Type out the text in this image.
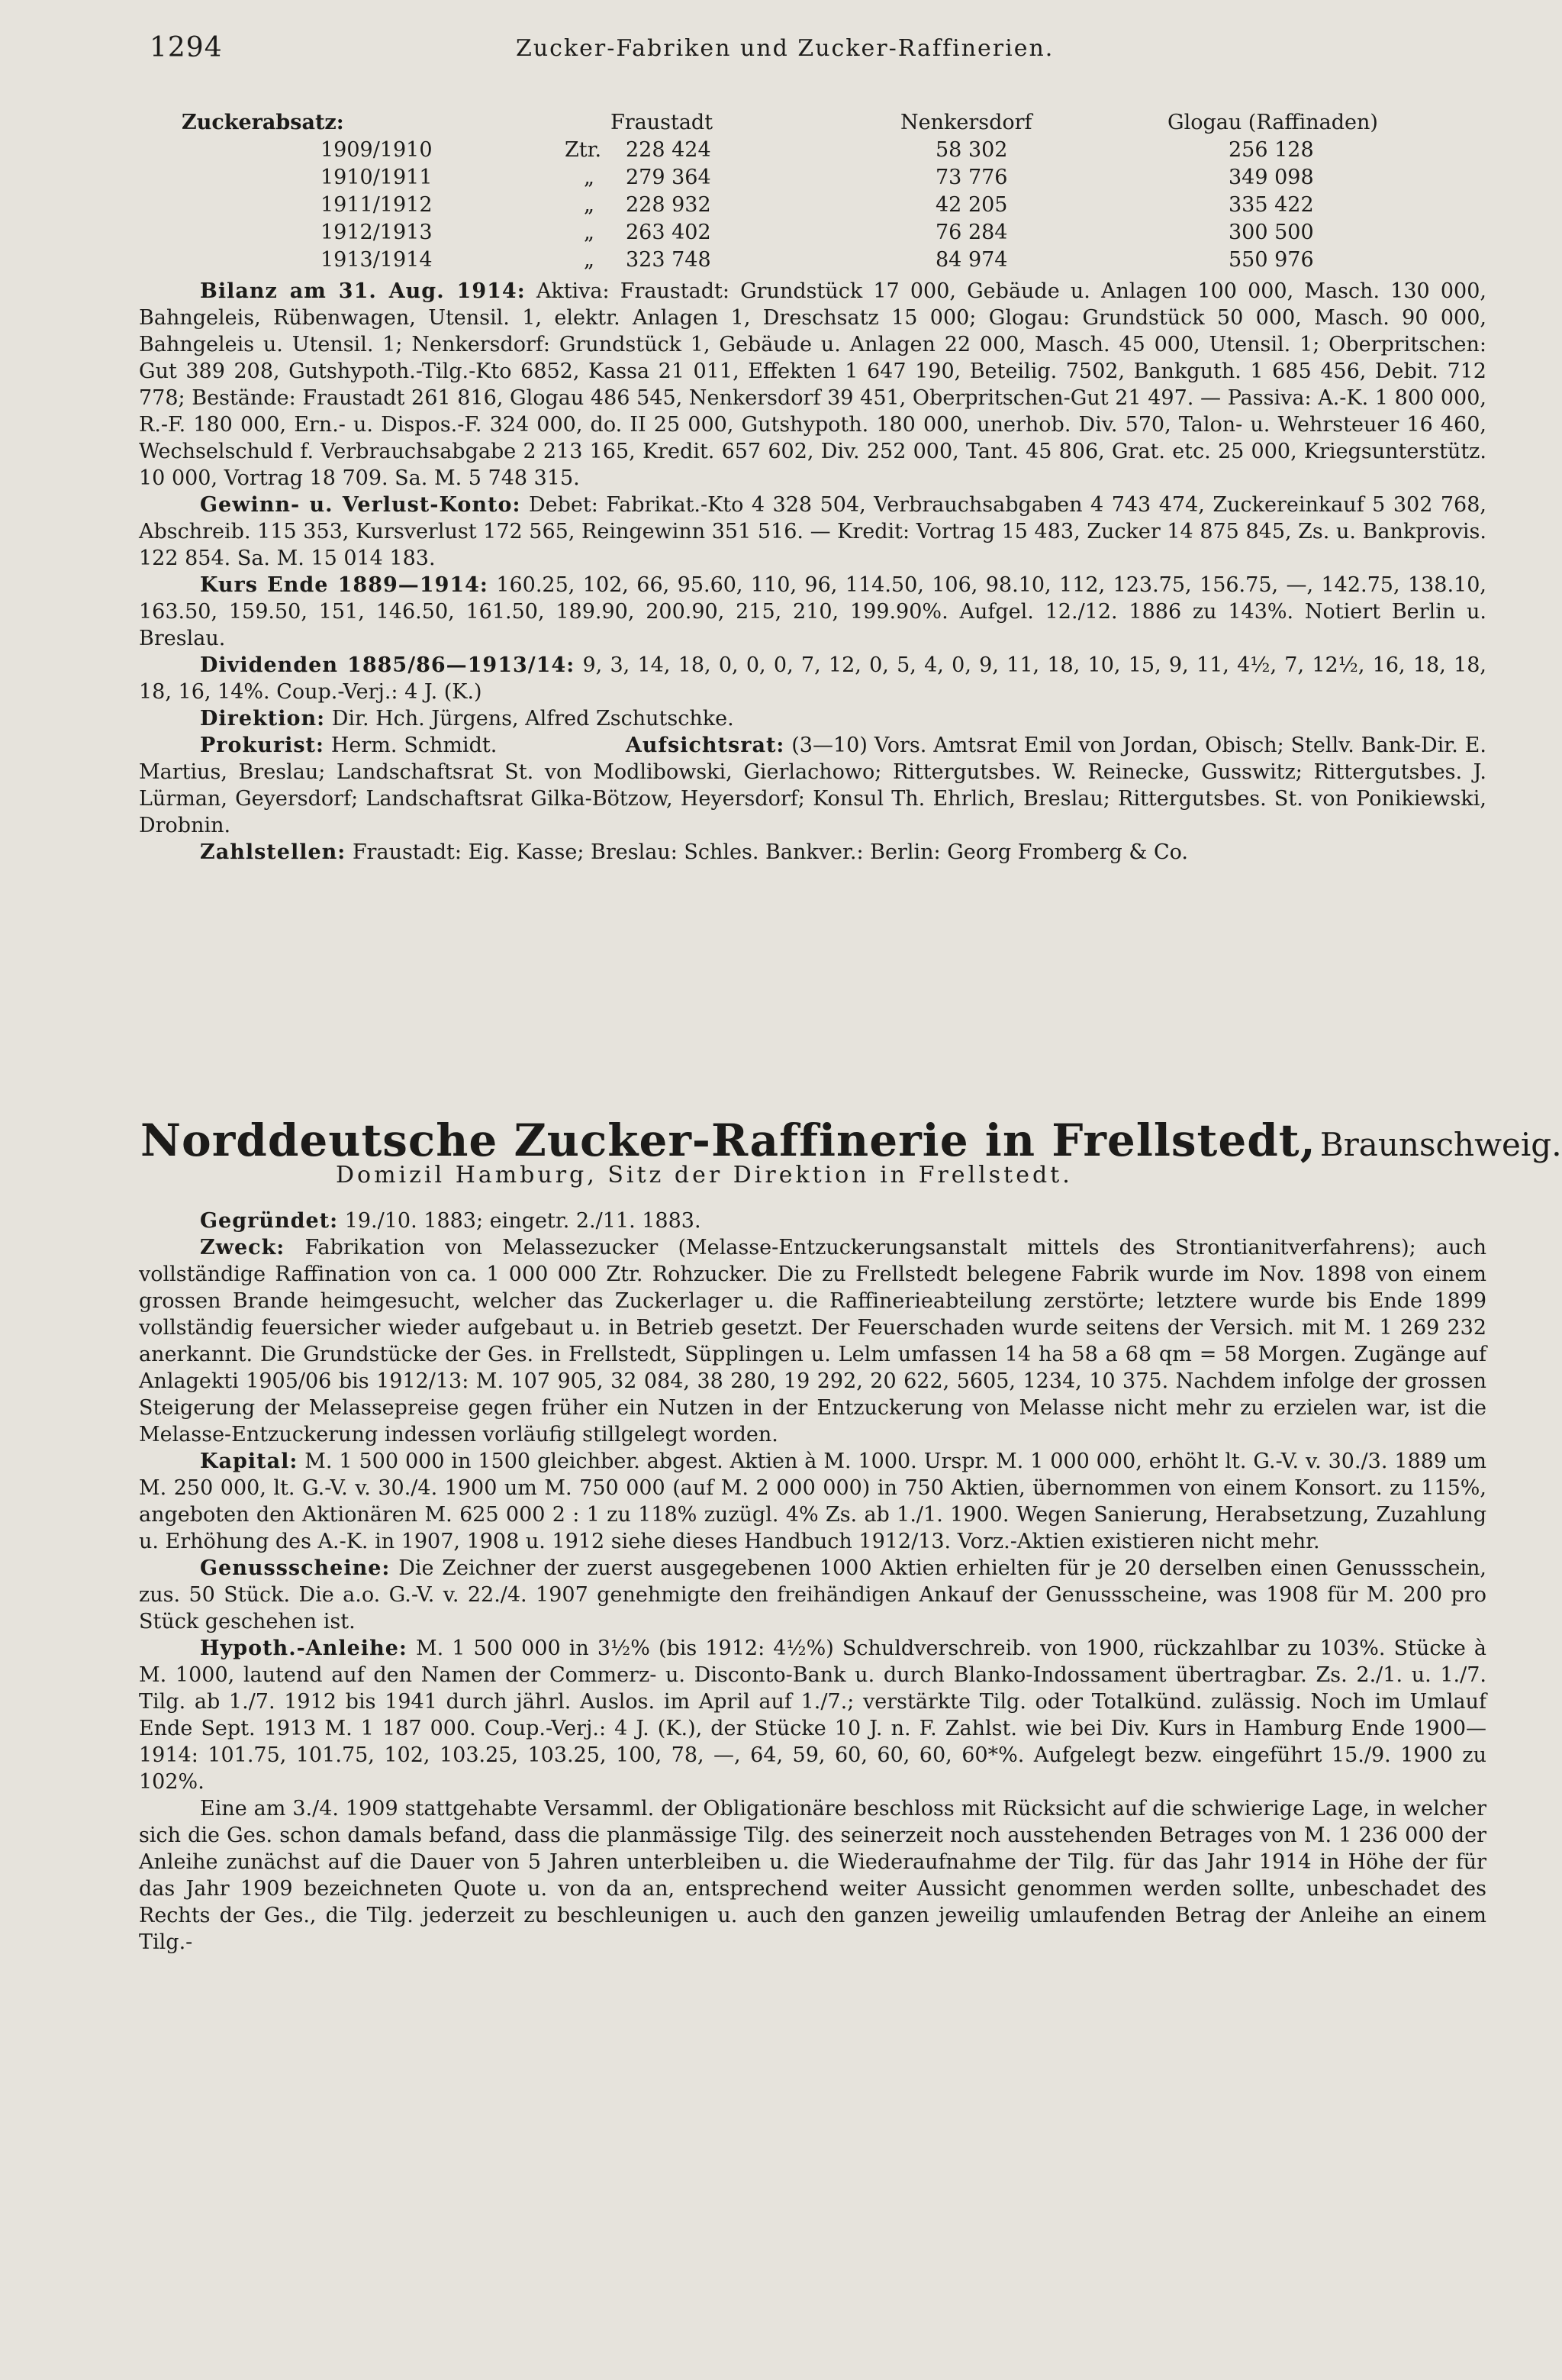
1294	Zucker-Fabriken und Zucker-Raffinerien.
Zuckerabsatz:	Fraustadt	Nenkersdorf	Glogau (Raffinaden)
1909/1910	Ztr. 228 424	58 302	256 128
1910/1911	„ 279 364	73 776	349 098
1911/1912	„ 228 932	42 205	335 422
1912/1913	„ 263 402	76 284	300 500
1913/1914	„ 323 748	84 974	550 976

Bilanz am 31. Aug. 1914: Aktiva: Fraustadt: Grundstück 17 000, Gebäude u. Anlagen 100 000, Masch. 130 000, Bahngeleis, Rübenwagen, Utensil. 1, elektr. Anlagen 1, Dreschsatz 15 000; Glogau: Grundstück 50 000, Masch. 90 000, Bahngeleis u. Utensil. 1; Nenkersdorf: Grundstück 1, Gebäude u. Anlagen 22 000, Masch. 45 000, Utensil. 1; Oberpritschen: Gut 389 208, Gutshypoth.-Tilg.-Kto 6852, Kassa 21 011, Effekten 1 647 190, Beteilig. 7502, Bankguth. 1 685 456, Debit. 712 778; Bestände: Fraustadt 261 816, Glogau 486 545, Nenkersdorf 39 451, Oberpritschen-Gut 21 497. — Passiva: A.-K. 1 800 000, R.-F. 180 000, Ern.- u. Dispos.-F. 324 000, do. II 25 000, Gutshypoth. 180 000, unerhob. Div. 570, Talon- u. Wehrsteuer 16 460, Wechselschuld f. Verbrauchsabgabe 2 213 165, Kredit. 657 602, Div. 252 000, Tant. 45 806, Grat. etc. 25 000, Kriegsunterstütz. 10 000, Vortrag 18 709. Sa. M. 5 748 315.

Gewinn- u. Verlust-Konto: Debet: Fabrikat.-Kto 4 328 504, Verbrauchsabgaben 4 743 474, Zuckereinkauf 5 302 768, Abschreib. 115 353, Kursverlust 172 565, Reingewinn 351 516. — Kredit: Vortrag 15 483, Zucker 14 875 845, Zs. u. Bankprovis. 122 854. Sa. M. 15 014 183.

Kurs Ende 1889—1914: 160.25, 102, 66, 95.60, 110, 96, 114.50, 106, 98.10, 112, 123.75, 156.75, —, 142.75, 138.10, 163.50, 159.50, 151, 146.50, 161.50, 189.90, 200.90, 215, 210, 199.90%. Aufgel. 12./12. 1886 zu 143%. Notiert Berlin u. Breslau.

Dividenden 1885/86—1913/14: 9, 3, 14, 18, 0, 0, 0, 7, 12, 0, 5, 4, 0, 9, 11, 18, 10, 15, 9, 11, 4½, 7, 12½, 16, 18, 18, 18, 16, 14%. Coup.-Verj.: 4 J. (K.)

Direktion: Dir. Hch. Jürgens, Alfred Zschutschke.

Prokurist: Herm. Schmidt.	Aufsichtsrat: (3—10) Vors. Amtsrat Emil von Jordan, Obisch; Stellv. Bank-Dir. E. Martius, Breslau; Landschaftsrat St. von Modlibowski, Gierlachowo; Rittergutsbes. W. Reinecke, Gusswitz; Rittergutsbes. J. Lürman, Geyersdorf; Landschaftsrat Gilka-Bötzow, Heyersdorf; Konsul Th. Ehrlich, Breslau; Rittergutsbes. St. von Ponikiewski, Drobnin.

Zahlstellen: Fraustadt: Eig. Kasse; Breslau: Schles. Bankver.: Berlin: Georg Fromberg & Co.

Norddeutsche Zucker-Raffinerie in Frellstedt, Braunschweig.
Domizil Hamburg, Sitz der Direktion in Frellstedt.

Gegründet: 19./10. 1883; eingetr. 2./11. 1883.

Zweck: Fabrikation von Melassezucker (Melasse-Entzuckerungsanstalt mittels des Strontianitverfahrens); auch vollständige Raffination von ca. 1 000 000 Ztr. Rohzucker. Die zu Frellstedt belegene Fabrik wurde im Nov. 1898 von einem grossen Brande heimgesucht, welcher das Zuckerlager u. die Raffinerieabteilung zerstörte; letztere wurde bis Ende 1899 vollständig feuersicher wieder aufgebaut u. in Betrieb gesetzt. Der Feuerschaden wurde seitens der Versich. mit M. 1 269 232 anerkannt. Die Grundstücke der Ges. in Frellstedt, Süpplingen u. Lelm umfassen 14 ha 58 a 68 qm = 58 Morgen. Zugänge auf Anlagekti 1905/06 bis 1912/13: M. 107 905, 32 084, 38 280, 19 292, 20 622, 5605, 1234, 10 375. Nachdem infolge der grossen Steigerung der Melassepreise gegen früher ein Nutzen in der Entzuckerung von Melasse nicht mehr zu erzielen war, ist die Melasse-Entzuckerung indessen vorläufig stillgelegt worden.

Kapital: M. 1 500 000 in 1500 gleichber. abgest. Aktien à M. 1000. Urspr. M. 1 000 000, erhöht lt. G.-V. v. 30./3. 1889 um M. 250 000, lt. G.-V. v. 30./4. 1900 um M. 750 000 (auf M. 2 000 000) in 750 Aktien, übernommen von einem Konsort. zu 115%, angeboten den Aktionären M. 625 000 2 : 1 zu 118% zuzügl. 4% Zs. ab 1./1. 1900. Wegen Sanierung, Herabsetzung, Zuzahlung u. Erhöhung des A.-K. in 1907, 1908 u. 1912 siehe dieses Handbuch 1912/13. Vorz.-Aktien existieren nicht mehr.

Genussscheine: Die Zeichner der zuerst ausgegebenen 1000 Aktien erhielten für je 20 derselben einen Genussschein, zus. 50 Stück. Die a.o. G.-V. v. 22./4. 1907 genehmigte den freihändigen Ankauf der Genussscheine, was 1908 für M. 200 pro Stück geschehen ist.

Hypoth.-Anleihe: M. 1 500 000 in 3½% (bis 1912: 4½%) Schuldverschreib. von 1900, rückzahlbar zu 103%. Stücke à M. 1000, lautend auf den Namen der Commerz- u. Disconto-Bank u. durch Blanko-Indossament übertragbar. Zs. 2./1. u. 1./7. Tilg. ab 1./7. 1912 bis 1941 durch jährl. Auslos. im April auf 1./7.; verstärkte Tilg. oder Totalkünd. zulässig. Noch im Umlauf Ende Sept. 1913 M. 1 187 000. Coup.-Verj.: 4 J. (K.), der Stücke 10 J. n. F. Zahlst. wie bei Div. Kurs in Hamburg Ende 1900—1914: 101.75, 101.75, 102, 103.25, 103.25, 100, 78, —, 64, 59, 60, 60, 60, 60*%. Aufgelegt bezw. eingeführt 15./9. 1900 zu 102%.

Eine am 3./4. 1909 stattgehabte Versamml. der Obligationäre beschloss mit Rücksicht auf die schwierige Lage, in welcher sich die Ges. schon damals befand, dass die planmässige Tilg. des seinerzeit noch ausstehenden Betrages von M. 1 236 000 der Anleihe zunächst auf die Dauer von 5 Jahren unterbleiben u. die Wiederaufnahme der Tilg. für das Jahr 1914 in Höhe der für das Jahr 1909 bezeichneten Quote u. von da an, entsprechend weiter Aussicht genommen werden sollte, unbeschadet des Rechts der Ges., die Tilg. jederzeit zu beschleunigen u. auch den ganzen jeweilig umlaufenden Betrag der Anleihe an einem Tilg.-
